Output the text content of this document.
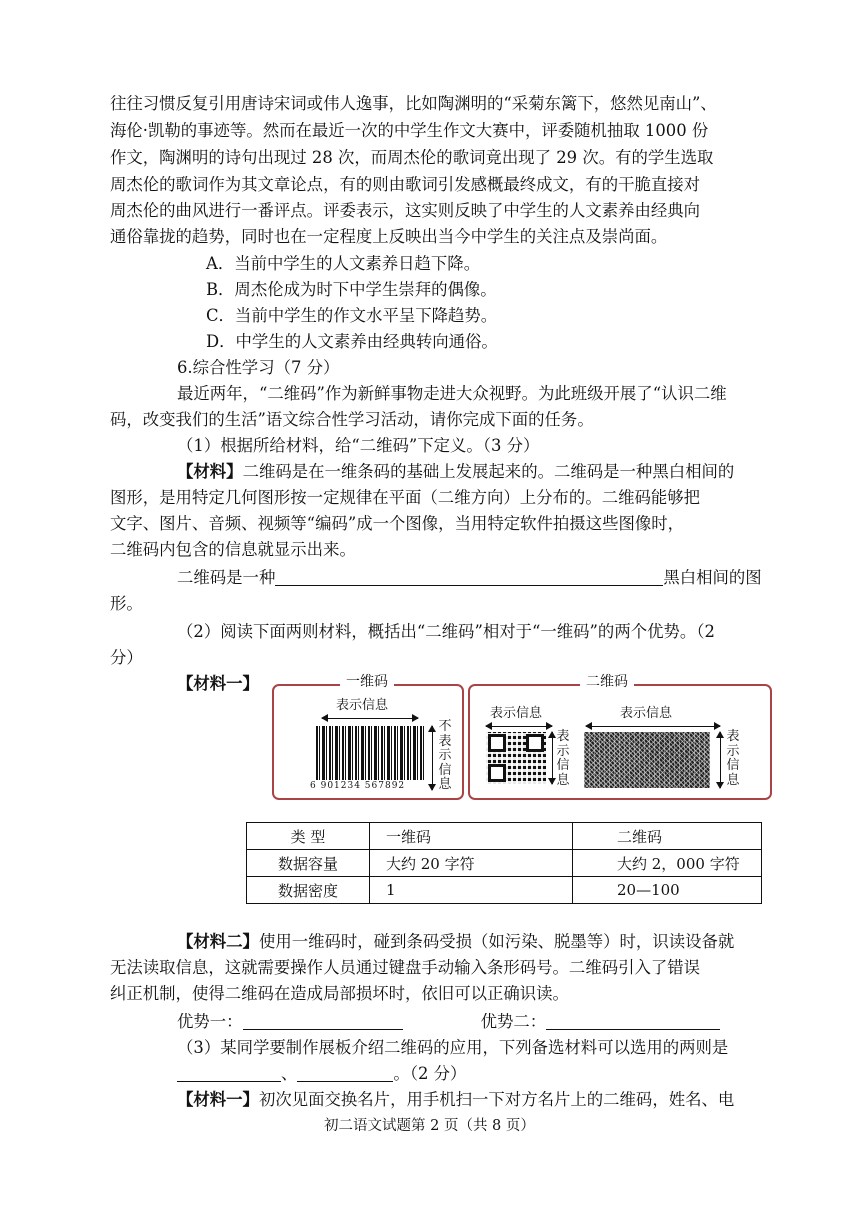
往往习惯反复引用唐诗宋词或伟人逸事，比如陶渊明的“采菊东篱下，悠然见南山”、
海伦·凯勒的事迹等。然而在最近一次的中学生作文大赛中，评委随机抽取 1000 份
作文，陶渊明的诗句出现过 28 次，而周杰伦的歌词竟出现了 29 次。有的学生选取
周杰伦的歌词作为其文章论点，有的则由歌词引发感概最终成文，有的干脆直接对
周杰伦的曲风进行一番评点。评委表示，这实则反映了中学生的人文素养由经典向
通俗靠拢的趋势，同时也在一定程度上反映出当今中学生的关注点及崇尚面。
A．当前中学生的人文素养日趋下降。
B．周杰伦成为时下中学生崇拜的偶像。
C．当前中学生的作文水平呈下降趋势。
D．中学生的人文素养由经典转向通俗。
6.综合性学习（7 分）
最近两年，“二维码”作为新鲜事物走进大众视野。为此班级开展了“认识二维
码，改变我们的生活”语文综合性学习活动，请你完成下面的任务。
（1）根据所给材料，给“二维码”下定义。（3 分）
【材料】二维码是在一维条码的基础上发展起来的。二维码是一种黑白相间的
图形，是用特定几何图形按一定规律在平面（二维方向）上分布的。二维码能够把
文字、图片、音频、视频等“编码”成一个图像，当用特定软件拍摄这些图像时，
二维码内包含的信息就显示出来。
二维码是一种	黑白相间的图
形。
（2）阅读下面两则材料，概括出“二维码”相对于“一维码”的两个优势。（2
分）
【材料一】	一维码
表示信息
6 901234 567892
不表示信息
二维码
表示信息
表示信息
表示信息
表示信息
类 型	一维码	二维码
数据容量	大约 20 字符	大约 2，000 字符
数据密度	1	20—100
【材料二】使用一维码时，碰到条码受损（如污染、脱墨等）时，识读设备就
无法读取信息，这就需要操作人员通过键盘手动输入条形码号。二维码引入了错误
纠正机制，使得二维码在造成局部损坏时，依旧可以正确识读。
优势一：	优势二：
（3）某同学要制作展板介绍二维码的应用，下列备选材料可以选用的两则是
、	。（2 分）
【材料一】初次见面交换名片，用手机扫一下对方名片上的二维码，姓名、电
初二语文试题第 2 页（共 8 页）
